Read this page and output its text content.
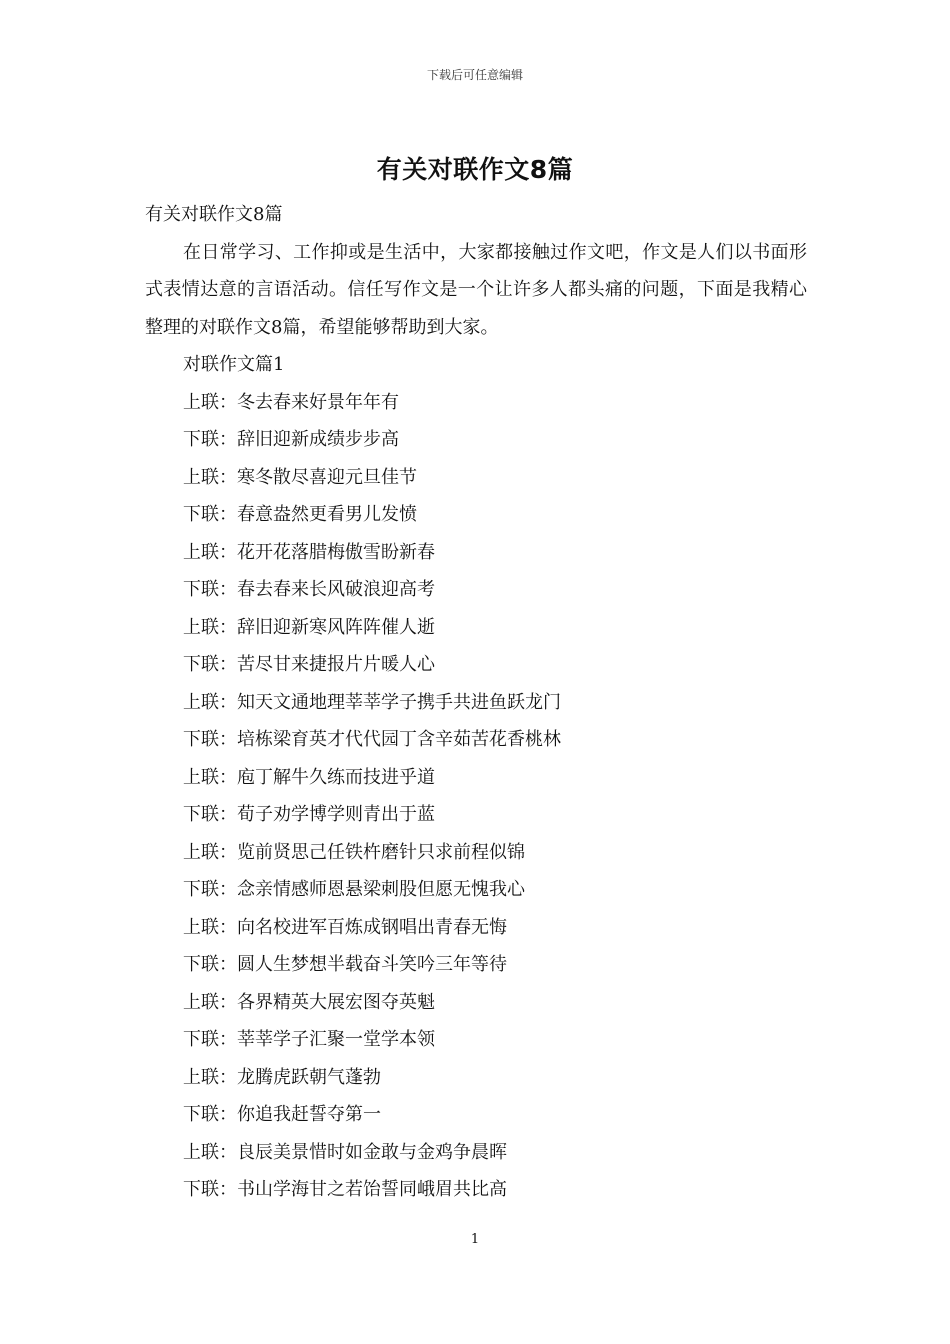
下载后可任意编辑
有关对联作文8篇
有关对联作文8篇
在日常学习、工作抑或是生活中，大家都接触过作文吧，作文是人们以书面形式表情达意的言语活动。信任写作文是一个让许多人都头痛的问题，下面是我精心整理的对联作文8篇，希望能够帮助到大家。
对联作文篇1
上联：冬去春来好景年年有
下联：辞旧迎新成绩步步高
上联：寒冬散尽喜迎元旦佳节
下联：春意盎然更看男儿发愤
上联：花开花落腊梅傲雪盼新春
下联：春去春来长风破浪迎高考
上联：辞旧迎新寒风阵阵催人逝
下联：苦尽甘来捷报片片暖人心
上联：知天文通地理莘莘学子携手共进鱼跃龙门
下联：培栋梁育英才代代园丁含辛茹苦花香桃林
上联：庖丁解牛久练而技进乎道
下联：荀子劝学博学则青出于蓝
上联：览前贤思己任铁杵磨针只求前程似锦
下联：念亲情感师恩悬梁刺股但愿无愧我心
上联：向名校进军百炼成钢唱出青春无悔
下联：圆人生梦想半载奋斗笑吟三年等待
上联：各界精英大展宏图夺英魁
下联：莘莘学子汇聚一堂学本领
上联：龙腾虎跃朝气蓬勃
下联：你追我赶誓夺第一
上联：良辰美景惜时如金敢与金鸡争晨晖
下联：书山学海甘之若饴誓同峨眉共比高
1
